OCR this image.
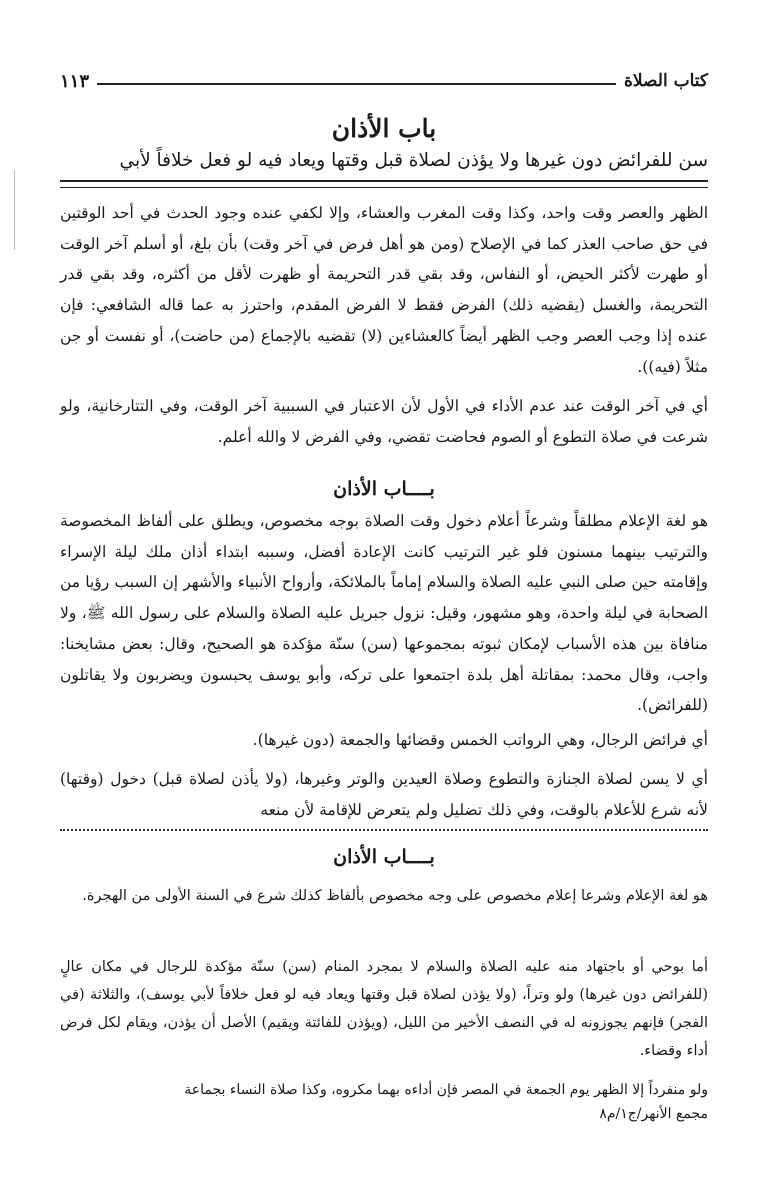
كتاب الصلاة
١١٣
باب الأذان
سن للفرائض دون غيرها ولا يؤذن لصلاة قبل وقتها ويعاد فيه لو فعل خلافاً لأبي

الظهر والعصر وقت واحد، وكذا وقت المغرب والعشاء، وإلا لكفي عنده وجود الحدث في أحد الوقتين في حق صاحب العذر كما في الإصلاح (ومن هو أهل فرض في آخر وقت) بأن بلغ، أو أسلم آخر الوقت أو طهرت لأكثر الحيض، أو النفاس، وقد بقي قدر التحريمة أو ظهرت لأقل من أكثره، وقد بقي قدر التحريمة، والغسل (يقضيه ذلك) الفرض فقط لا الفرض المقدم، واحترز به عما قاله الشافعي: فإن عنده إذا وجب العصر وجب الظهر أيضاً كالعشاءين (لا) تقضيه بالإجماع (من حاضت)، أو نفست أو جن مثلاً (فيه)).

أي في آخر الوقت عند عدم الأداء في الأول لأن الاعتبار في السببية آخر الوقت، وفي التتارخانية، ولو شرعت في صلاة التطوع أو الصوم فحاضت تقضي، وفي الفرض لا والله أعلم.

بــــاب الأذان

هو لغة الإعلام مطلقاً وشرعاً أعلام دخول وقت الصلاة بوجه مخصوص، ويطلق على ألفاظ المخصوصة والترتيب بينهما مسنون فلو غير الترتيب كانت الإعادة أفضل، وسببه ابتداء أذان ملك ليلة الإسراء وإقامته حين صلى النبي عليه الصلاة والسلام إماماً بالملائكة، وأرواح الأنبياء والأشهر إن السبب رؤيا من الصحابة في ليلة واحدة، وهو مشهور، وقيل: نزول جبريل عليه الصلاة والسلام على رسول الله ﷺ، ولا منافاة بين هذه الأسباب لإمكان ثبوته بمجموعها (سن) سنّة مؤكدة هو الصحيح، وقال: بعض مشايخنا: واجب، وقال محمد: بمقاتلة أهل بلدة اجتمعوا على تركه، وأبو يوسف يحبسون ويضربون ولا يقاتلون (للفرائض).

أي فرائض الرجال، وهي الرواتب الخمس وقضائها والجمعة (دون غيرها).

أي لا يسن لصلاة الجنازة والتطوع وصلاة العيدين والوتر وغيرها، (ولا يأذن لصلاة قبل) دخول (وقتها) لأنه شرع للأعلام بالوقت، وفي ذلك تضليل ولم يتعرض للإقامة لأن منعه

بــــاب الأذان

هو لغة الإعلام وشرعا إعلام مخصوص على وجه مخصوص بألفاظ كذلك شرع في السنة الأولى من الهجرة.

أما بوحي أو باجتهاد منه عليه الصلاة والسلام لا بمجرد المنام (سن) سنّة مؤكدة للرجال في مكان عالٍ (للفرائض دون غيرها) ولو وتراً، (ولا يؤذن لصلاة قبل وقتها ويعاد فيه لو فعل خلافاً لأبي يوسف)، والثلاثة (في الفجر) فإنهم يجوزونه له في النصف الأخير من الليل، (ويؤذن للفائتة ويقيم) الأصل أن يؤذن، ويقام لكل فرض أداء وقضاء.

ولو منفرداً إلا الظهر يوم الجمعة في المصر فإن أداءه بهما مكروه، وكذا صلاة النساء بجماعة

مجمع الأنهر/ج١/م٨
